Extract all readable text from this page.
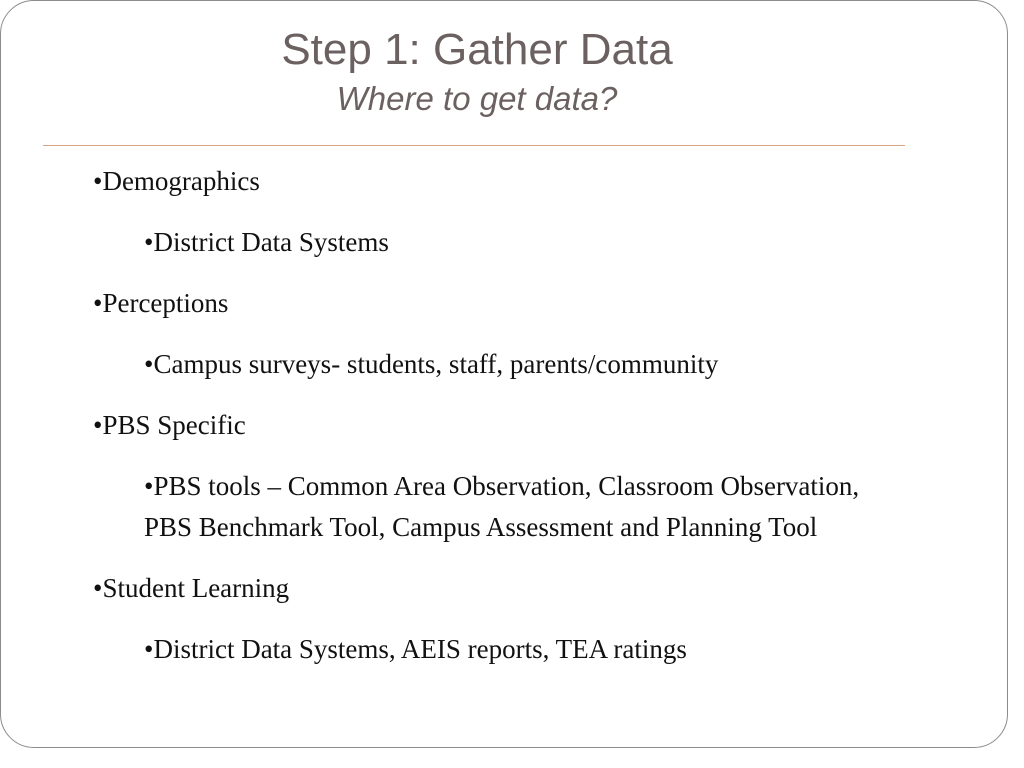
Step 1: Gather Data
Where to get data?
•Demographics
•District Data Systems
•Perceptions
•Campus surveys- students, staff, parents/community
•PBS Specific
•PBS tools – Common Area Observation, Classroom Observation, PBS Benchmark Tool, Campus Assessment and Planning Tool
•Student Learning
•District Data Systems, AEIS reports, TEA ratings
